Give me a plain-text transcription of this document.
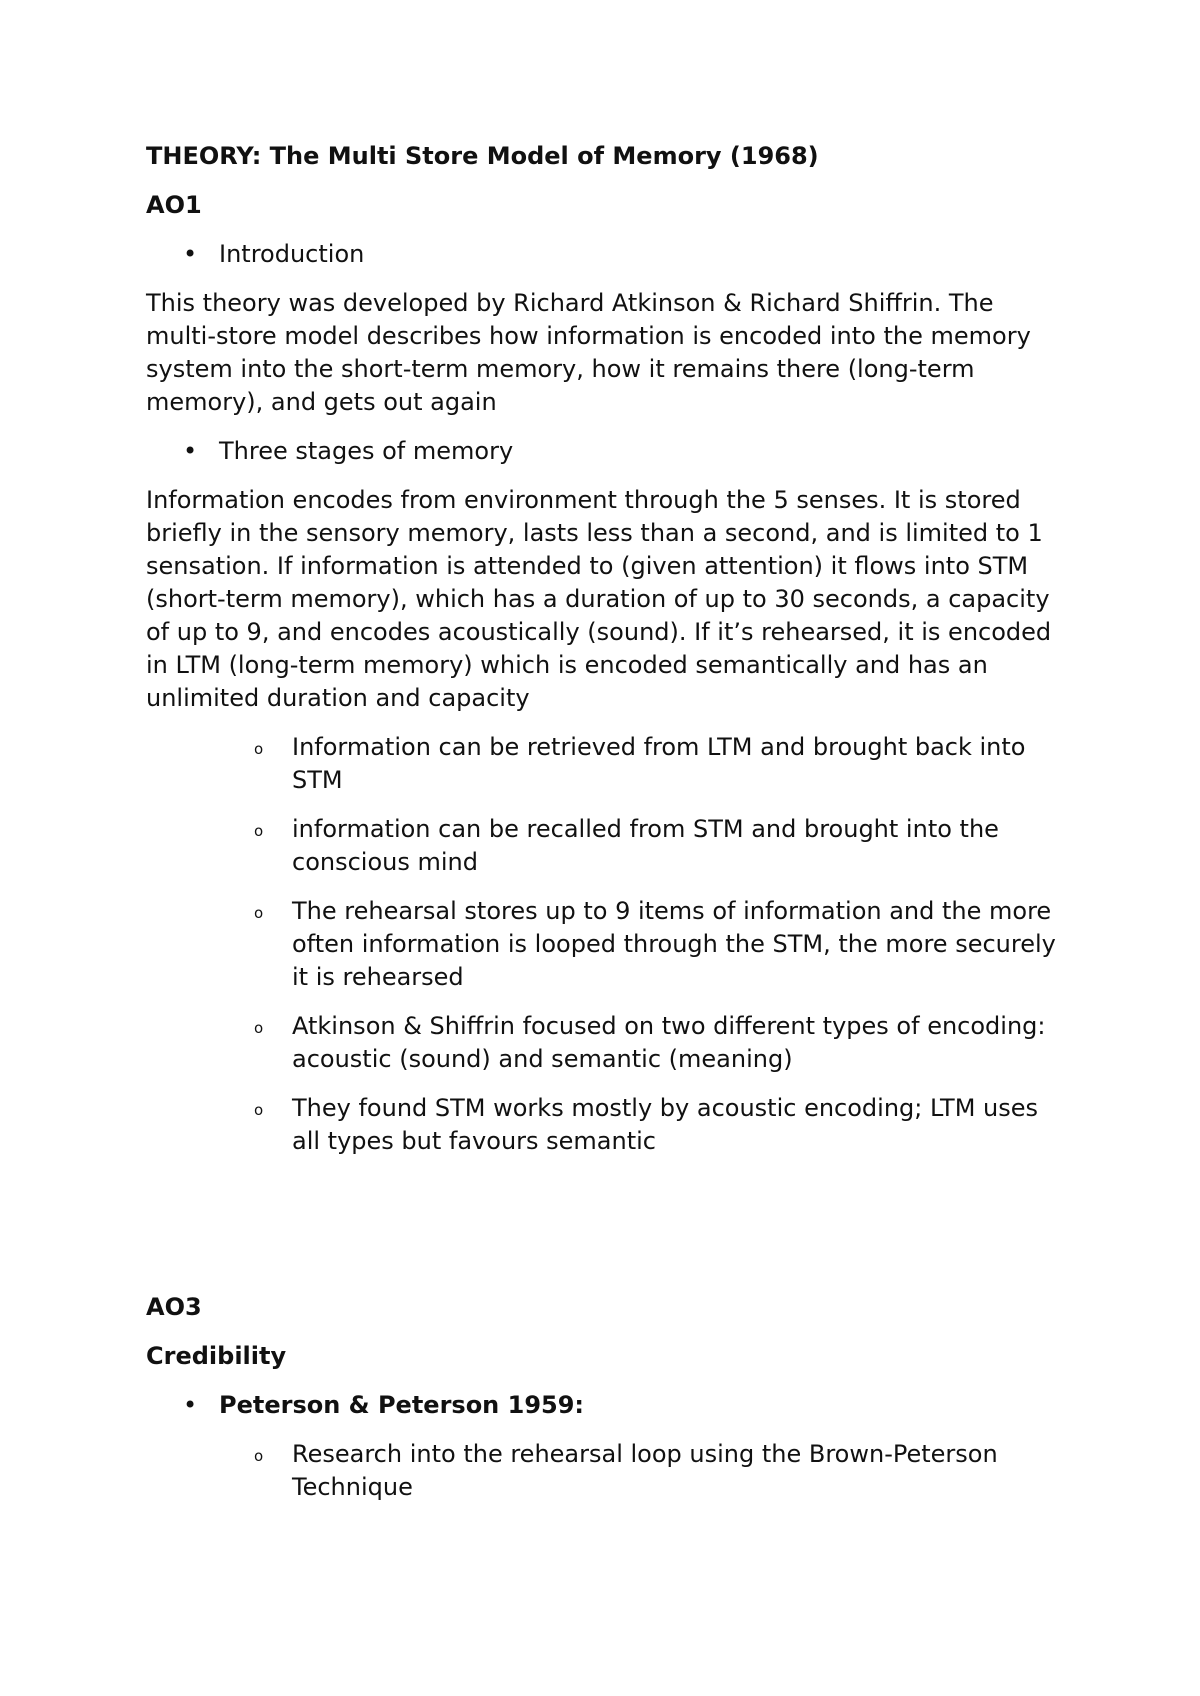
THEORY: The Multi Store Model of Memory (1968)
AO1
• Introduction
This theory was developed by Richard Atkinson & Richard Shiffrin. The multi-store model describes how information is encoded into the memory system into the short-term memory, how it remains there (long-term memory), and gets out again
• Three stages of memory
Information encodes from environment through the 5 senses. It is stored briefly in the sensory memory, lasts less than a second, and is limited to 1 sensation. If information is attended to (given attention) it flows into STM (short-term memory), which has a duration of up to 30 seconds, a capacity of up to 9, and encodes acoustically (sound). If it’s rehearsed, it is encoded in LTM (long-term memory) which is encoded semantically and has an unlimited duration and capacity
o Information can be retrieved from LTM and brought back into STM
o information can be recalled from STM and brought into the conscious mind
o The rehearsal stores up to 9 items of information and the more often information is looped through the STM, the more securely it is rehearsed
o Atkinson & Shiffrin focused on two different types of encoding: acoustic (sound) and semantic (meaning)
o They found STM works mostly by acoustic encoding; LTM uses all types but favours semantic
AO3
Credibility
• Peterson & Peterson 1959:
o Research into the rehearsal loop using the Brown-Peterson Technique
